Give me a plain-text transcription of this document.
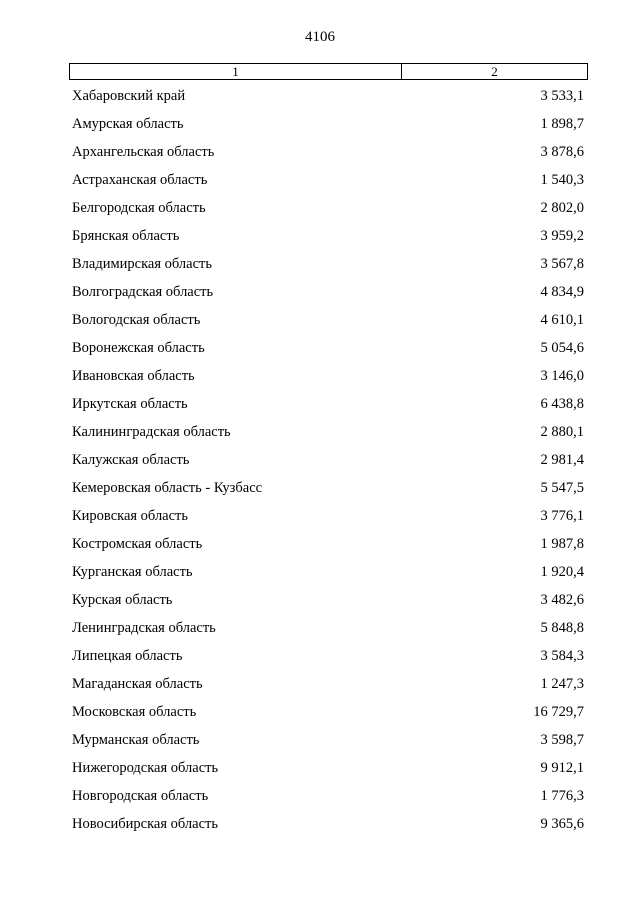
4106
1	2
Хабаровский край	3 533,1
Амурская область	1 898,7
Архангельская область	3 878,6
Астраханская область	1 540,3
Белгородская область	2 802,0
Брянская область	3 959,2
Владимирская область	3 567,8
Волгоградская область	4 834,9
Вологодская область	4 610,1
Воронежская область	5 054,6
Ивановская область	3 146,0
Иркутская область	6 438,8
Калининградская область	2 880,1
Калужская область	2 981,4
Кемеровская область - Кузбасс	5 547,5
Кировская область	3 776,1
Костромская область	1 987,8
Курганская область	1 920,4
Курская область	3 482,6
Ленинградская область	5 848,8
Липецкая область	3 584,3
Магаданская область	1 247,3
Московская область	16 729,7
Мурманская область	3 598,7
Нижегородская область	9 912,1
Новгородская область	1 776,3
Новосибирская область	9 365,6
